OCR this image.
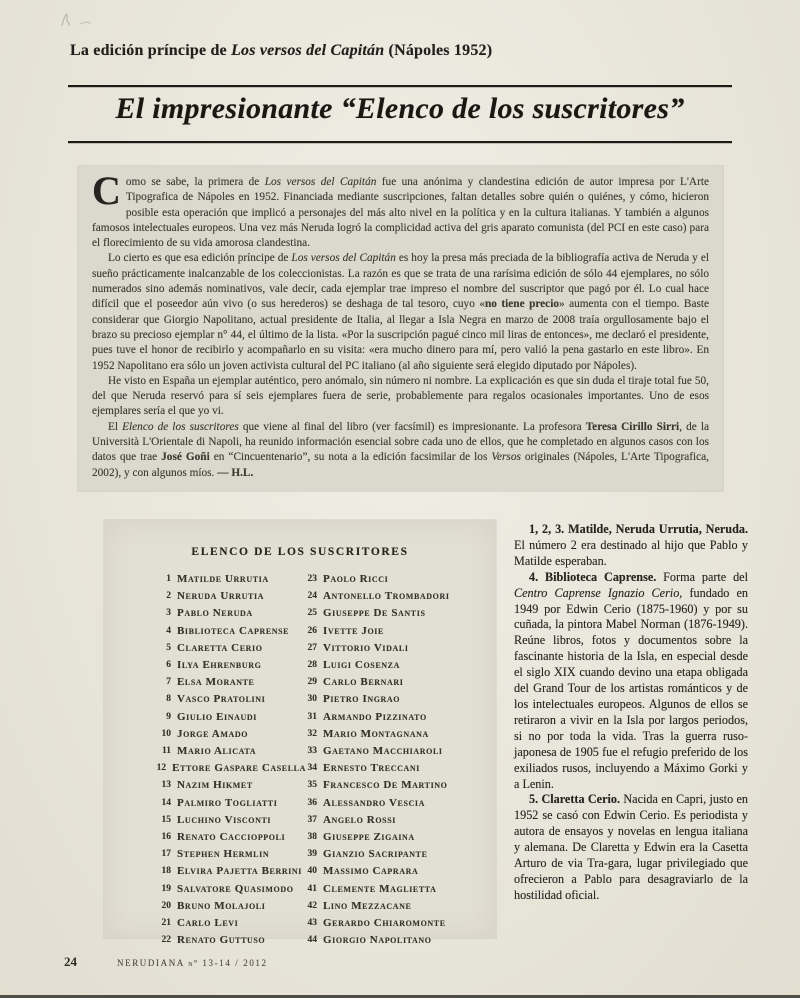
La edición príncipe de Los versos del Capitán (Nápoles 1952)
El impresionante “Elenco de los suscritores”

Como se sabe, la primera de Los versos del Capitán fue una anónima y clandestina edición de autor impresa por L'Arte Tipografica de Nápoles en 1952. Financiada mediante suscripciones, faltan detalles sobre quién o quiénes, y cómo, hicieron posible esta operación que implicó a personajes del más alto nivel en la política y en la cultura italianas. Y también a algunos famosos intelectuales europeos. Una vez más Neruda logró la complicidad activa del gris aparato comunista (del PCI en este caso) para el florecimiento de su vida amorosa clandestina.

Lo cierto es que esa edición príncipe de Los versos del Capitán es hoy la presa más preciada de la bibliografía activa de Neruda y el sueño prácticamente inalcanzable de los coleccionistas. La razón es que se trata de una rarísima edición de sólo 44 ejemplares, no sólo numerados sino además nominativos, vale decir, cada ejemplar trae impreso el nombre del suscriptor que pagó por él. Lo cual hace difícil que el poseedor aún vivo (o sus herederos) se deshaga de tal tesoro, cuyo «no tiene precio» aumenta con el tiempo. Baste considerar que Giorgio Napolitano, actual presidente de Italia, al llegar a Isla Negra en marzo de 2008 traía orgullosamente bajo el brazo su precioso ejemplar n° 44, el último de la lista. «Por la suscripción pagué cinco mil liras de entonces», me declaró el presidente, pues tuve el honor de recibirlo y acompañarlo en su visita: «era mucho dinero para mí, pero valió la pena gastarlo en este libro». En 1952 Napolitano era sólo un joven activista cultural del PC italiano (al año siguiente será elegido diputado por Nápoles).

He visto en España un ejemplar auténtico, pero anómalo, sin número ni nombre. La explicación es que sin duda el tiraje total fue 50, del que Neruda reservó para sí seis ejemplares fuera de serie, probablemente para regalos ocasionales importantes. Uno de esos ejemplares sería el que yo vi.

El Elenco de los suscritores que viene al final del libro (ver facsímil) es impresionante. La profesora Teresa Cirillo Sirri, de la Università L'Orientale di Napoli, ha reunido información esencial sobre cada uno de ellos, que he completado en algunos casos con los datos que trae José Goñi en “Cincuentenario”, su nota a la edición facsimilar de los Versos originales (Nápoles, L'Arte Tipografica, 2002), y con algunos míos. — H.L.

ELENCO DE LOS SUSCRITORES
1 Matilde Urrutia
2 Neruda Urrutia
3 Pablo Neruda
4 Biblioteca Caprense
5 Claretta Cerio
6 Ilya Ehrenburg
7 Elsa Morante
8 Vasco Pratolini
9 Giulio Einaudi
10 Jorge Amado
11 Mario Alicata
12 Ettore Gaspare Casella
13 Nazim Hikmet
14 Palmiro Togliatti
15 Luchino Visconti
16 Renato Caccioppoli
17 Stephen Hermlin
18 Elvira Pajetta Berrini
19 Salvatore Quasimodo
20 Bruno Molajoli
21 Carlo Levi
22 Renato Guttuso
23 Paolo Ricci
24 Antonello Trombadori
25 Giuseppe De Santis
26 Ivette Joie
27 Vittorio Vidali
28 Luigi Cosenza
29 Carlo Bernari
30 Pietro Ingrao
31 Armando Pizzinato
32 Mario Montagnana
33 Gaetano Macchiaroli
34 Ernesto Treccani
35 Francesco De Martino
36 Alessandro Vescia
37 Angelo Rossi
38 Giuseppe Zigaina
39 Gianzio Sacripante
40 Massimo Caprara
41 Clemente Maglietta
42 Lino Mezzacane
43 Gerardo Chiaromonte
44 Giorgio Napolitano

1, 2, 3. Matilde, Neruda Urrutia, Neruda. El número 2 era destinado al hijo que Pablo y Matilde esperaban.

4. Biblioteca Caprense. Forma parte del Centro Caprense Ignazio Cerio, fundado en 1949 por Edwin Cerio (1875-1960) y por su cuñada, la pintora Mabel Norman (1876-1949). Reúne libros, fotos y documentos sobre la fascinante historia de la Isla, en especial desde el siglo XIX cuando devino una etapa obligada del Grand Tour de los artistas románticos y de los intelectuales europeos. Algunos de ellos se retiraron a vivir en la Isla por largos periodos, si no por toda la vida. Tras la guerra ruso-japonesa de 1905 fue el refugio preferido de los exiliados rusos, incluyendo a Máximo Gorki y a Lenin.

5. Claretta Cerio. Nacida en Capri, justo en 1952 se casó con Edwin Cerio. Es periodista y autora de ensayos y novelas en lengua italiana y alemana. De Claretta y Edwin era la Casetta Arturo de via Tra-gara, lugar privilegiado que ofrecieron a Pablo para desagraviarlo de la hostilidad oficial.

24	NERUDIANA nº 13-14 / 2012
